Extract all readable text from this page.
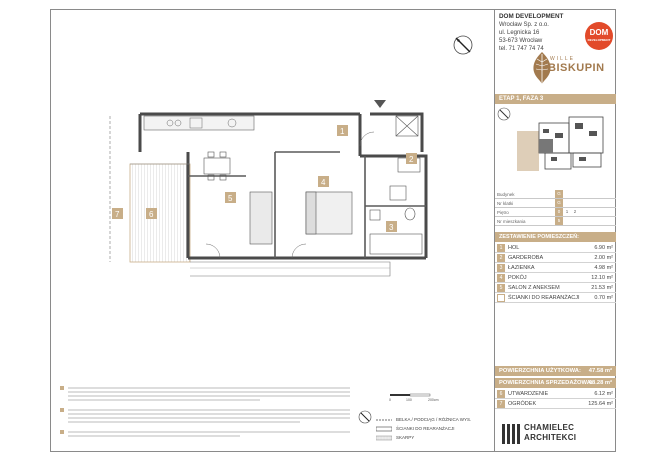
DOM DEVELOPMENT
Wrocław Sp. z o.o.
ul. Legnicka 16
53-673 Wrocław
tel. 71 747 74 74
DOM
DEVELOPMENT
WILLE
BISKUPIN
ETAP 1, FAZA 3
Budynek	G
Nr klatki	G
Piętro	0	1	2
Nr mieszkania	5
ZESTAWIENIE POMIESZCZEŃ:
1	HOL	6.90 m²
2	GARDEROBA	2.00 m²
3	ŁAZIENKA	4.98 m²
4	POKÓJ	12.10 m²
5	SALON Z ANEKSEM	21.53 m²
ŚCIANKI DO REARANŻACJI	0.70 m²
POWIERZCHNIA UŻYTKOWA: 47.58 m²
POWIERZCHNIA SPRZEDAŻOWA:
48.28 m²
6	UTWARDZENIE	6.12 m²
7	OGRÓDEK	125.64 m²
CHAMIELEC
ARCHITEKCI
1
2
3
4
5
6
7
0	100	200cm
BELKA / PODCIĄG / RÓŻNICA WYS.
ŚCIANKI DO REARANŻACJI
SKARPY
